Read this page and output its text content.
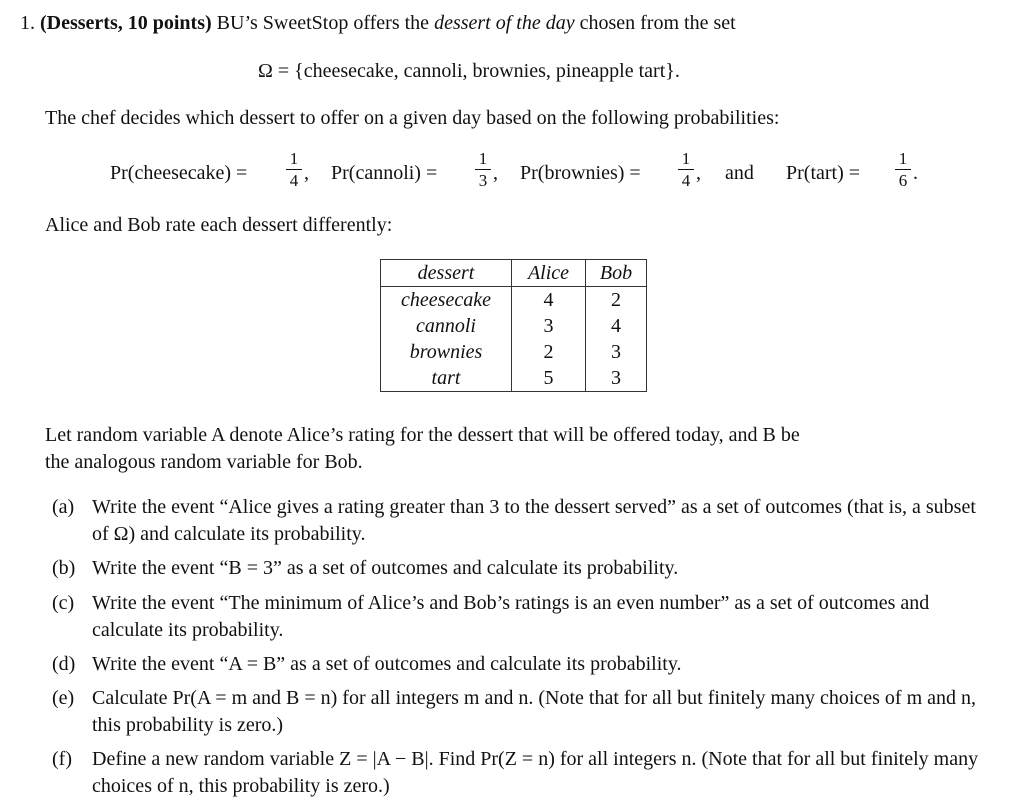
1. (Desserts, 10 points) BU’s SweetStop offers the dessert of the day chosen from the set
Ω = {cheesecake, cannoli, brownies, pineapple tart}.
The chef decides which dessert to offer on a given day based on the following probabilities:
Pr(cheesecake) = $\frac{1}{4}$ , Pr(cannoli) = $\frac{1}{3}$ , Pr(brownies) = $\frac{1}{4}$ , and Pr(tart) = $\frac{1}{6}$ .
Alice and Bob rate each dessert differently:
dessert	Alice	Bob
cheesecake	4	2
cannoli	3	4
brownies	2	3
tart	5	3
Let random variable A denote Alice’s rating for the dessert that will be offered today, and B be
the analogous random variable for Bob.
(a) Write the event “Alice gives a rating greater than 3 to the dessert served” as a set of outcomes (that is, a subset of Ω) and calculate its probability.
(b) Write the event “B = 3” as a set of outcomes and calculate its probability.
(c) Write the event “The minimum of Alice’s and Bob’s ratings is an even number” as a set of outcomes and calculate its probability.
(d) Write the event “A = B” as a set of outcomes and calculate its probability.
(e) Calculate Pr(A = m and B = n) for all integers m and n. (Note that for all but finitely many choices of m and n, this probability is zero.)
(f) Define a new random variable Z = |A − B|. Find Pr(Z = n) for all integers n. (Note that for all but finitely many choices of n, this probability is zero.)
